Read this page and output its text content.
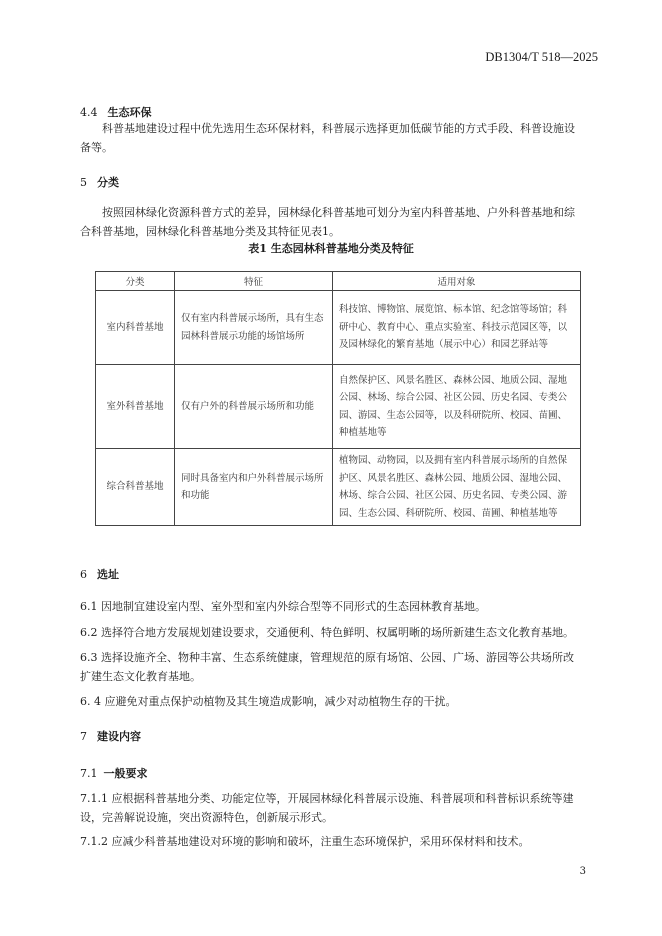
DB1304/T 518—2025
4.4 生态环保
科普基地建设过程中优先选用生态环保材料，科普展示选择更加低碳节能的方式手段、科普设施设备等。
5 分类
按照园林绿化资源科普方式的差异，园林绿化科普基地可划分为室内科普基地、户外科普基地和综合科普基地，园林绿化科普基地分类及其特征见表1。
表1 生态园林科普基地分类及特征
分类	特征	适用对象
室内科普基地	仅有室内科普展示场所，具有生态园林科普展示功能的场馆场所	科技馆、博物馆、展览馆、标本馆、纪念馆等场馆；科研中心、教育中心、重点实验室、科技示范园区等，以及园林绿化的繁育基地（展示中心）和园艺驿站等
室外科普基地	仅有户外的科普展示场所和功能	自然保护区、风景名胜区、森林公园、地质公园、湿地公园、林场、综合公园、社区公园、历史名园、专类公园、游园、生态公园等，以及科研院所、校园、苗圃、种植基地等
综合科普基地	同时具备室内和户外科普展示场所和功能	植物园、动物园，以及拥有室内科普展示场所的自然保护区、风景名胜区、森林公园、地质公园、湿地公园、林场、综合公园、社区公园、历史名园、专类公园、游园、生态公园、科研院所、校园、苗圃、种植基地等
6 选址
6.1 因地制宜建设室内型、室外型和室内外综合型等不同形式的生态园林教育基地。
6.2 选择符合地方发展规划建设要求，交通便利、特色鲜明、权属明晰的场所新建生态文化教育基地。
6.3 选择设施齐全、物种丰富、生态系统健康，管理规范的原有场馆、公园、广场、游园等公共场所改扩建生态文化教育基地。
6. 4 应避免对重点保护动植物及其生境造成影响，减少对动植物生存的干扰。
7 建设内容
7.1 一般要求
7.1.1 应根据科普基地分类、功能定位等，开展园林绿化科普展示设施、科普展项和科普标识系统等建设，完善解说设施，突出资源特色，创新展示形式。
7.1.2 应减少科普基地建设对环境的影响和破坏，注重生态环境保护，采用环保材料和技术。
3
